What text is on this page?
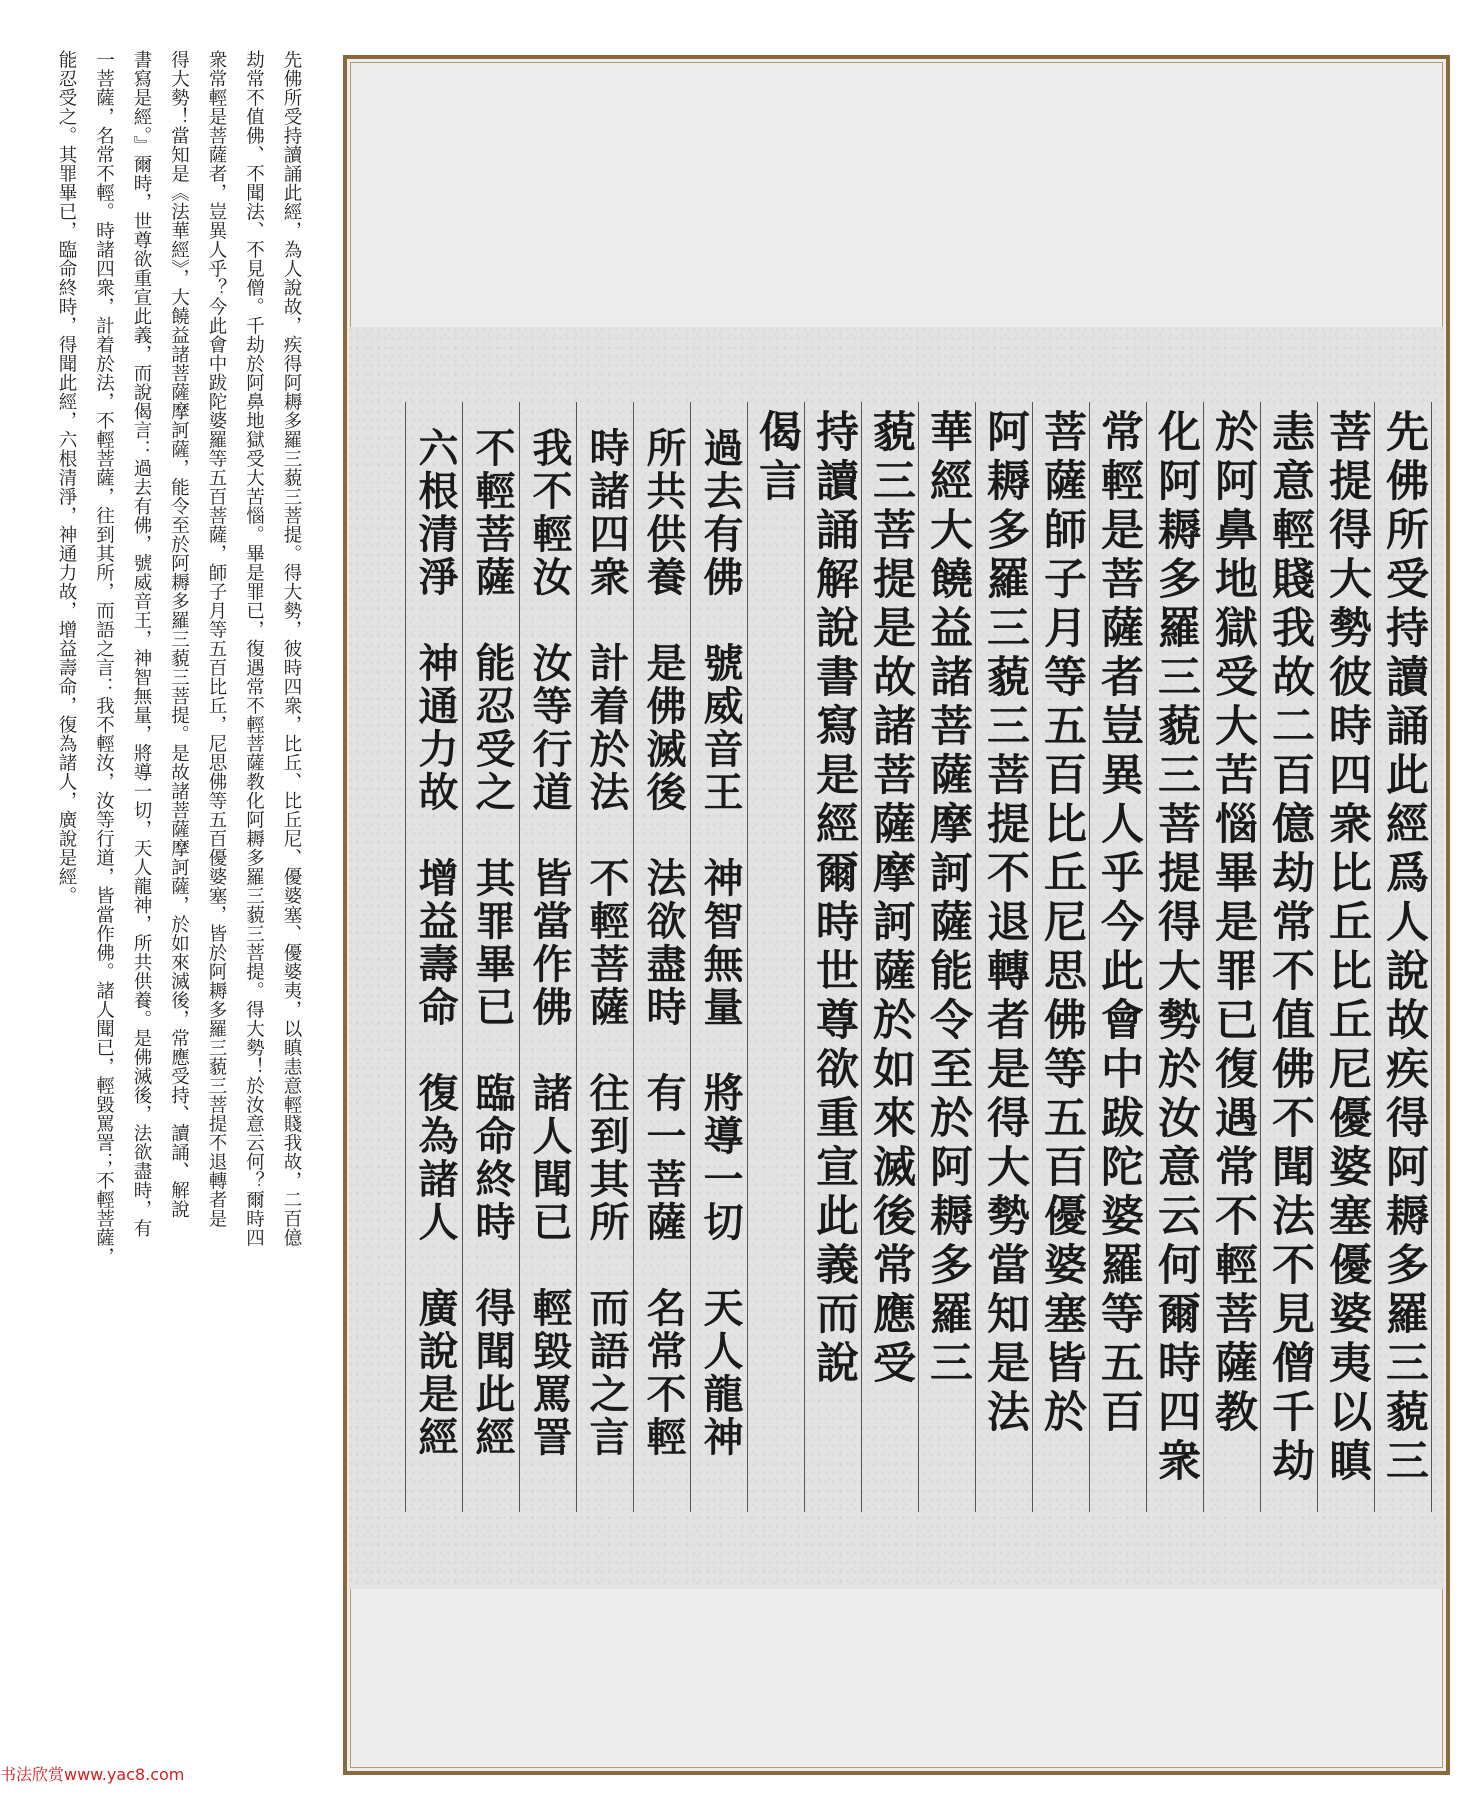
先佛所受持讀誦此經，為人說故，疾得阿耨多羅三藐三菩提。得大勢，彼時四衆，比丘、比丘尼、優婆塞、優婆夷，以瞋恚意輕賤我故，二百億
劫常不值佛、不聞法、不見僧。千劫於阿鼻地獄受大苦惱。畢是罪已，復遇常不輕菩薩教化阿耨多羅三藐三菩提。得大勢！於汝意云何？爾時四
衆常輕是菩薩者，豈異人乎？今此會中跋陀婆羅等五百菩薩，師子月等五百比丘，尼思佛等五百優婆塞，皆於阿耨多羅三藐三菩提不退轉者是
得大勢！當知是《法華經》，大饒益諸菩薩摩訶薩，能令至於阿耨多羅三藐三菩提。是故諸菩薩摩訶薩，於如來滅後，常應受持、讀誦、解說
書寫是經。』爾時，世尊欲重宣此義，而說偈言：過去有佛，號威音王，神智無量，將導一切，天人龍神，所共供養。是佛滅後，法欲盡時，有
一菩薩，名常不輕。時諸四衆，計着於法，不輕菩薩，往到其所，而語之言：我不輕汝，汝等行道，皆當作佛。諸人聞已，輕毀罵詈；不輕菩薩，
能忍受之。其罪畢已，臨命終時，得聞此經，六根清淨，神通力故，增益壽命，復為諸人，廣說是經。
书法欣赏www.yac8.com
先佛所受持讀誦此經爲人說故疾得阿耨多羅三藐三
菩提得大勢彼時四衆比丘比丘尼優婆塞優婆夷以瞋
恚意輕賤我故二百億劫常不值佛不聞法不見僧千劫
於阿鼻地獄受大苦惱畢是罪已復遇常不輕菩薩教
化阿耨多羅三藐三菩提得大勢於汝意云何爾時四衆
常輕是菩薩者豈異人乎今此會中跋陀婆羅等五百
菩薩師子月等五百比丘尼思佛等五百優婆塞皆於
阿耨多羅三藐三菩提不退轉者是得大勢當知是法
華經大饒益諸菩薩摩訶薩能令至於阿耨多羅三
藐三菩提是故諸菩薩摩訶薩於如來滅後常應受
持讀誦解說書寫是經爾時世尊欲重宣此義而說
偈言
過去有佛　號威音王　神智無量　將導一切　天人龍神
所共供養　是佛滅後　法欲盡時　有一菩薩　名常不輕
時諸四衆　計着於法　不輕菩薩　往到其所　而語之言
我不輕汝　汝等行道　皆當作佛　諸人聞已　輕毀罵詈
不輕菩薩　能忍受之　其罪畢已　臨命終時　得聞此經
六根清淨　神通力故　增益壽命　復為諸人　廣說是經
